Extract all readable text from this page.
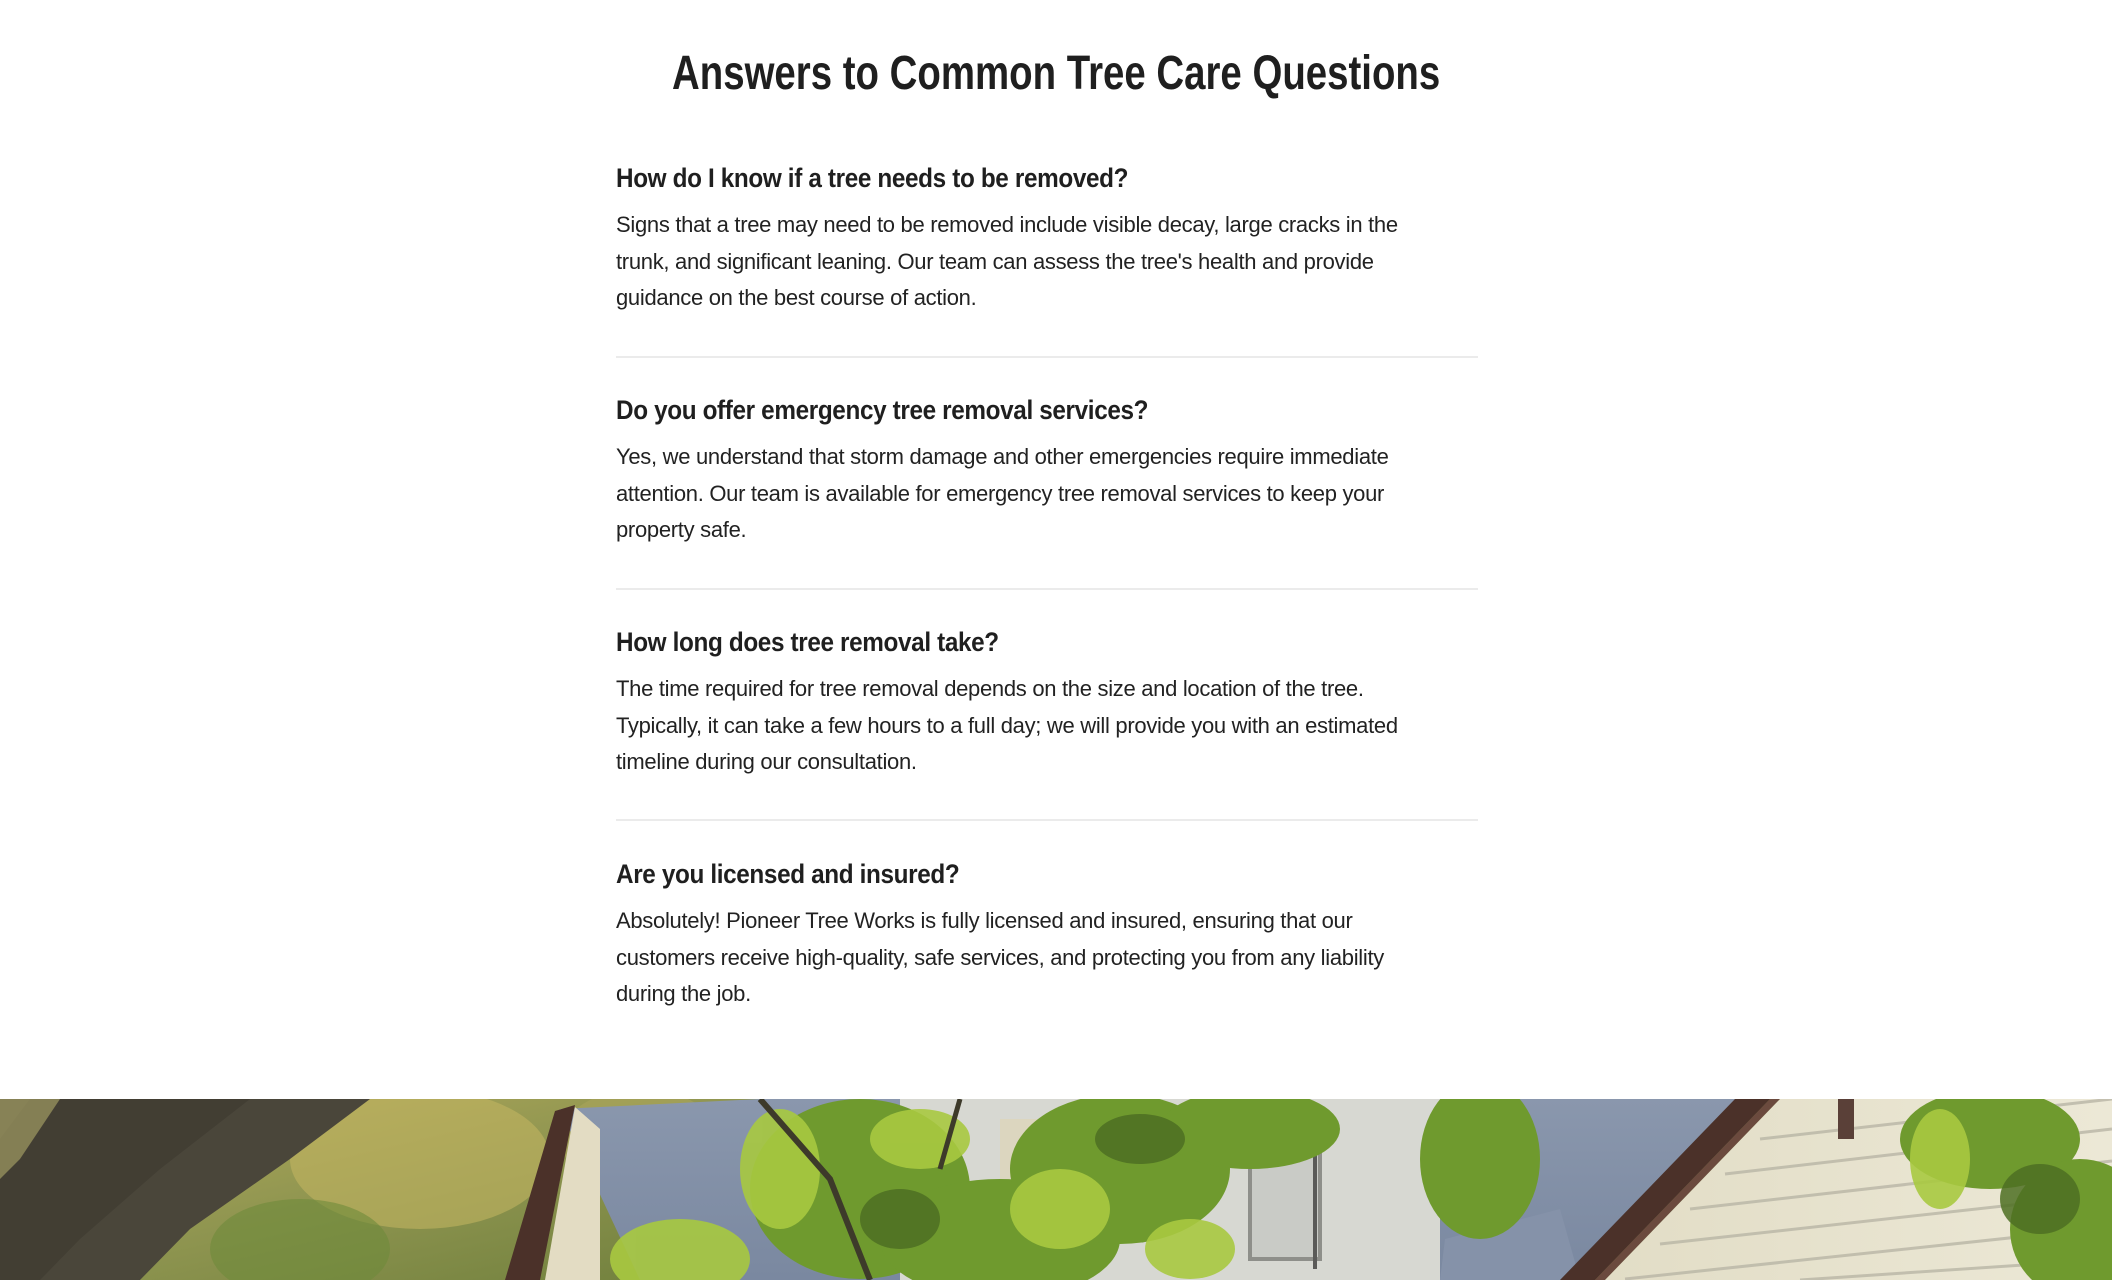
Answers to Common Tree Care Questions
How do I know if a tree needs to be removed?
Signs that a tree may need to be removed include visible decay, large cracks in the
trunk, and significant leaning. Our team can assess the tree's health and provide
guidance on the best course of action.
Do you offer emergency tree removal services?
Yes, we understand that storm damage and other emergencies require immediate
attention. Our team is available for emergency tree removal services to keep your
property safe.
How long does tree removal take?
The time required for tree removal depends on the size and location of the tree.
Typically, it can take a few hours to a full day; we will provide you with an estimated
timeline during our consultation.
Are you licensed and insured?
Absolutely! Pioneer Tree Works is fully licensed and insured, ensuring that our
customers receive high-quality, safe services, and protecting you from any liability
during the job.
